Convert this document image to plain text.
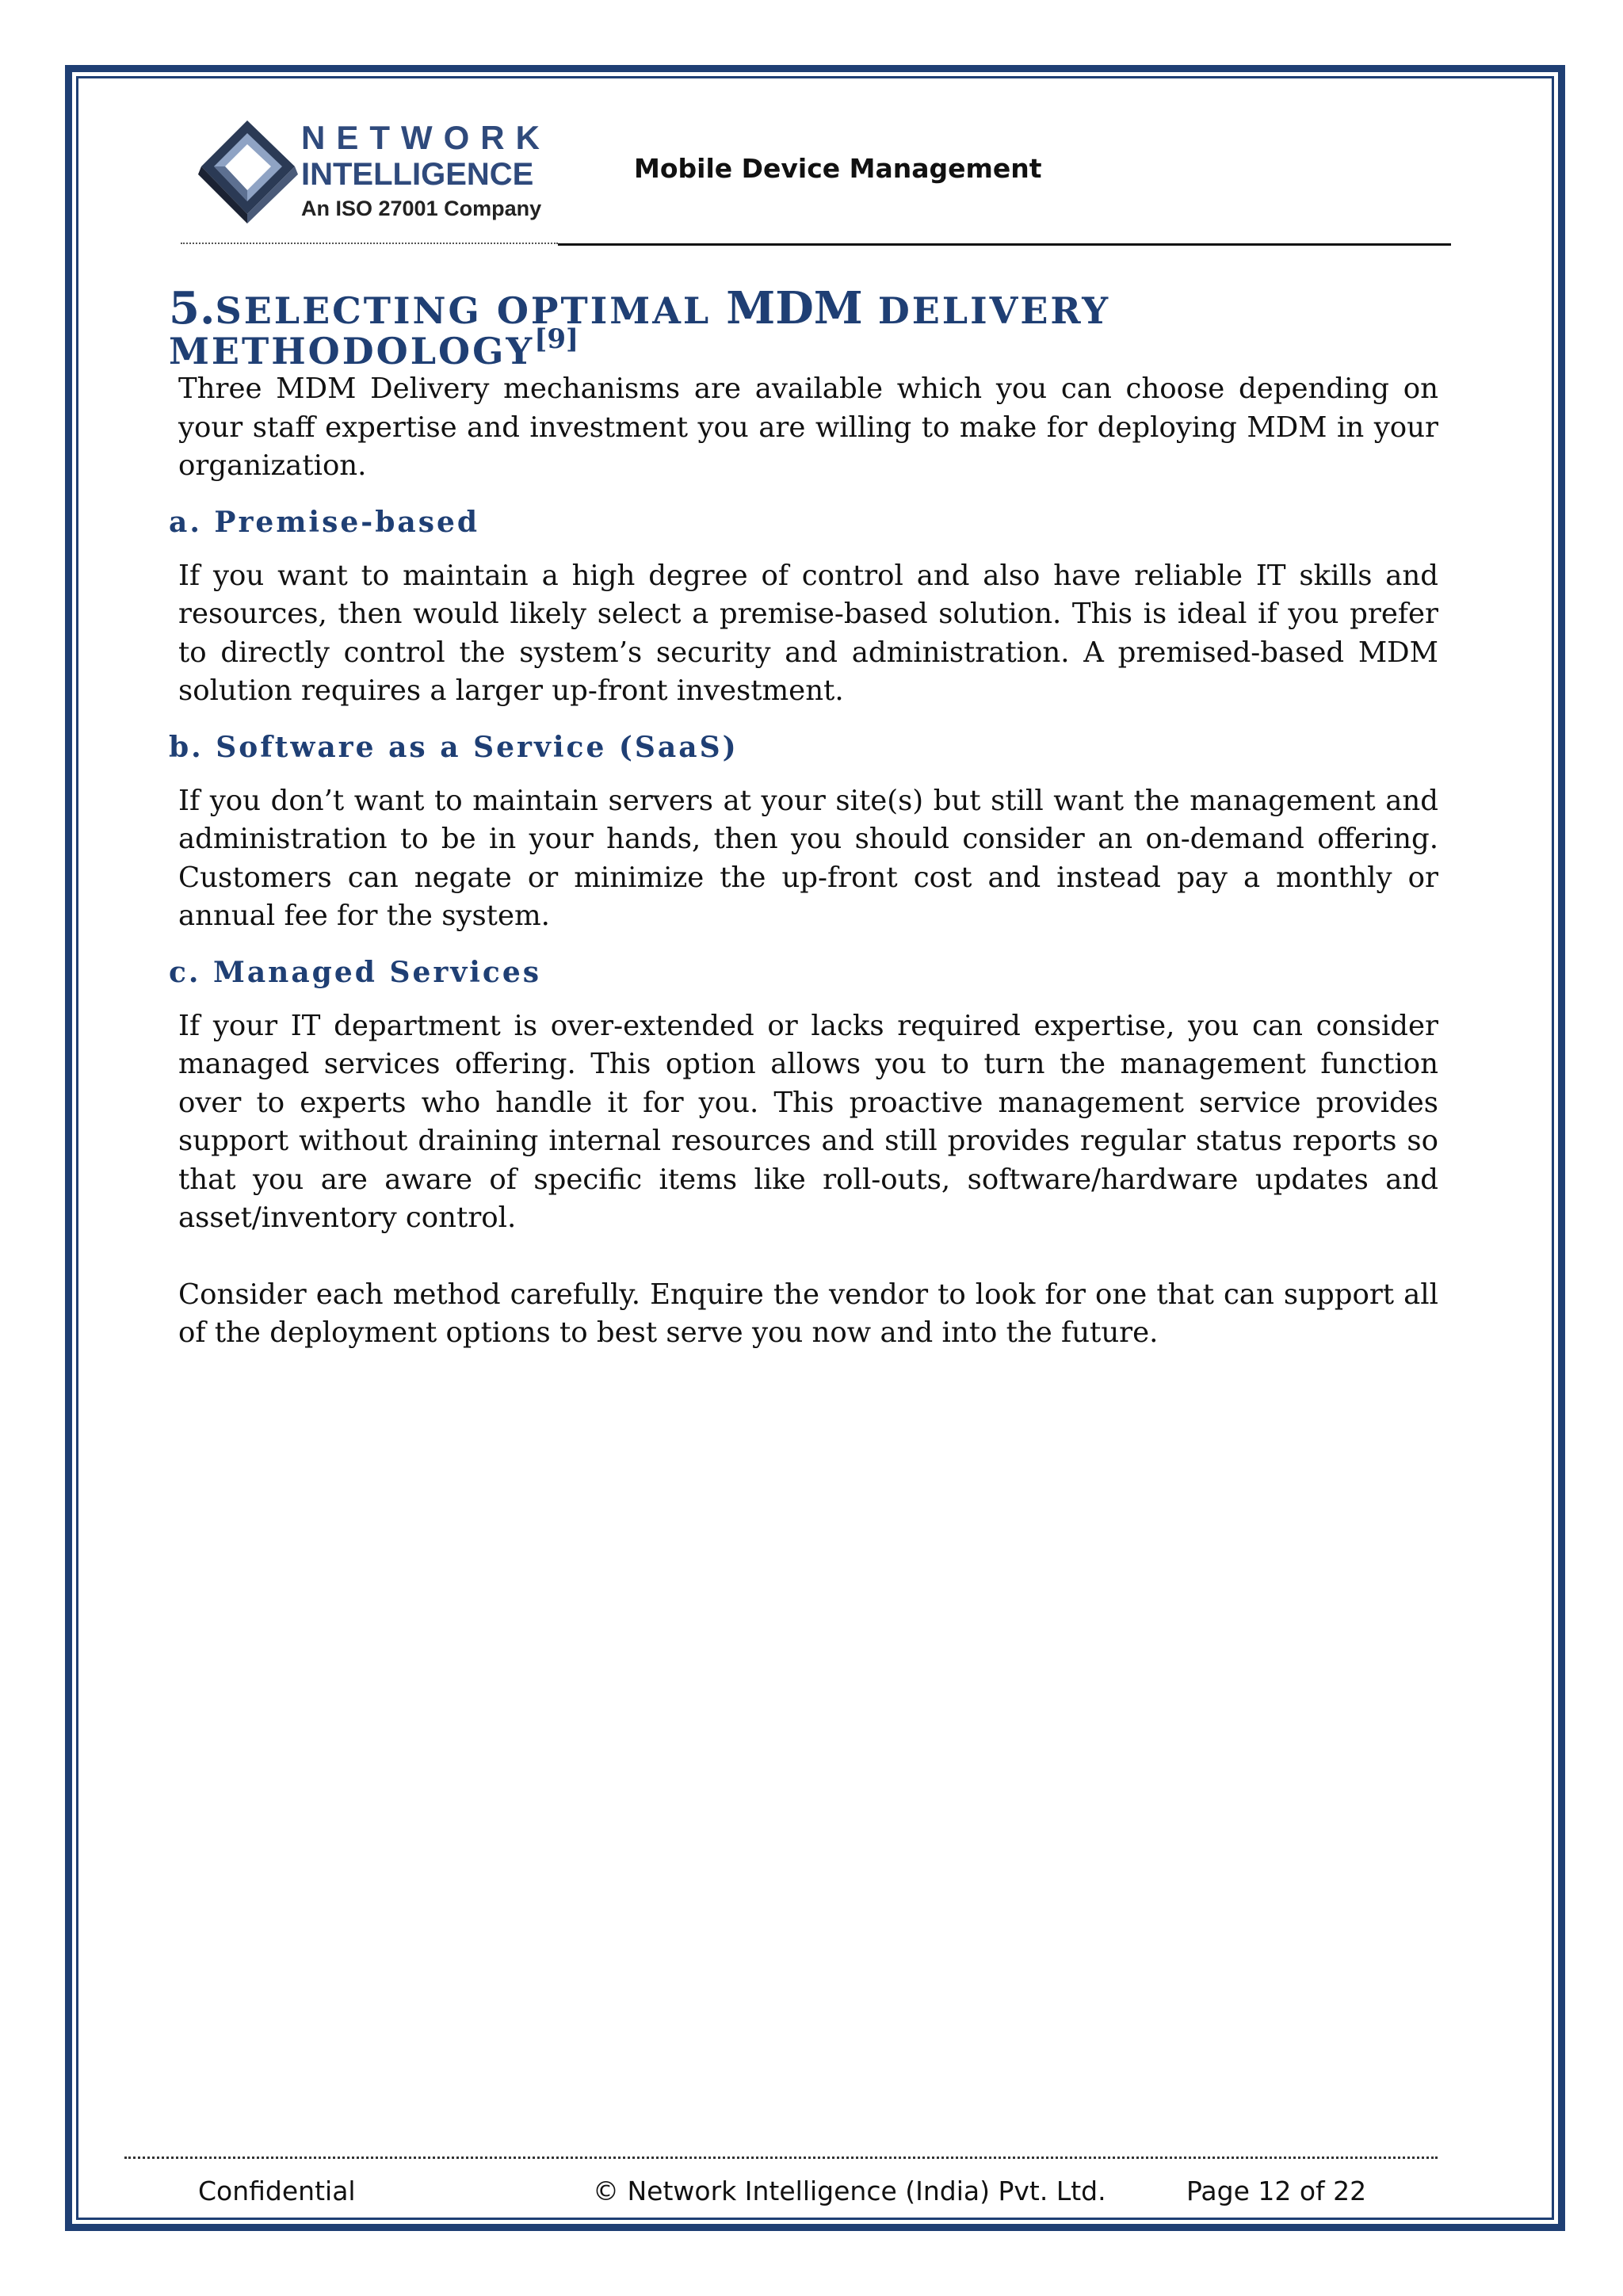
NETWORK
INTELLIGENCE
An ISO 27001 Company
Mobile Device Management
5.SELECTING OPTIMAL MDM DELIVERY METHODOLOGY[9]

Three MDM Delivery mechanisms are available which you can choose depending on your staff expertise and investment you are willing to make for deploying MDM in your organization.

a. Premise-based

If you want to maintain a high degree of control and also have reliable IT skills and resources, then would likely select a premise-based solution. This is ideal if you prefer to directly control the system’s security and administration. A premised-based MDM solution requires a larger up-front investment.

b. Software as a Service (SaaS)

If you don’t want to maintain servers at your site(s) but still want the management and administration to be in your hands, then you should consider an on-demand offering. Customers can negate or minimize the up-front cost and instead pay a monthly or annual fee for the system.

c. Managed Services

If your IT department is over-extended or lacks required expertise, you can consider managed services offering. This option allows you to turn the management function over to experts who handle it for you. This proactive management service provides support without draining internal resources and still provides regular status reports so that you are aware of specific items like roll-outs, software/hardware updates and asset/inventory control.

Consider each method carefully. Enquire the vendor to look for one that can support all of the deployment options to best serve you now and into the future.

Confidential	© Network Intelligence (India) Pvt. Ltd.	Page 12 of 22
